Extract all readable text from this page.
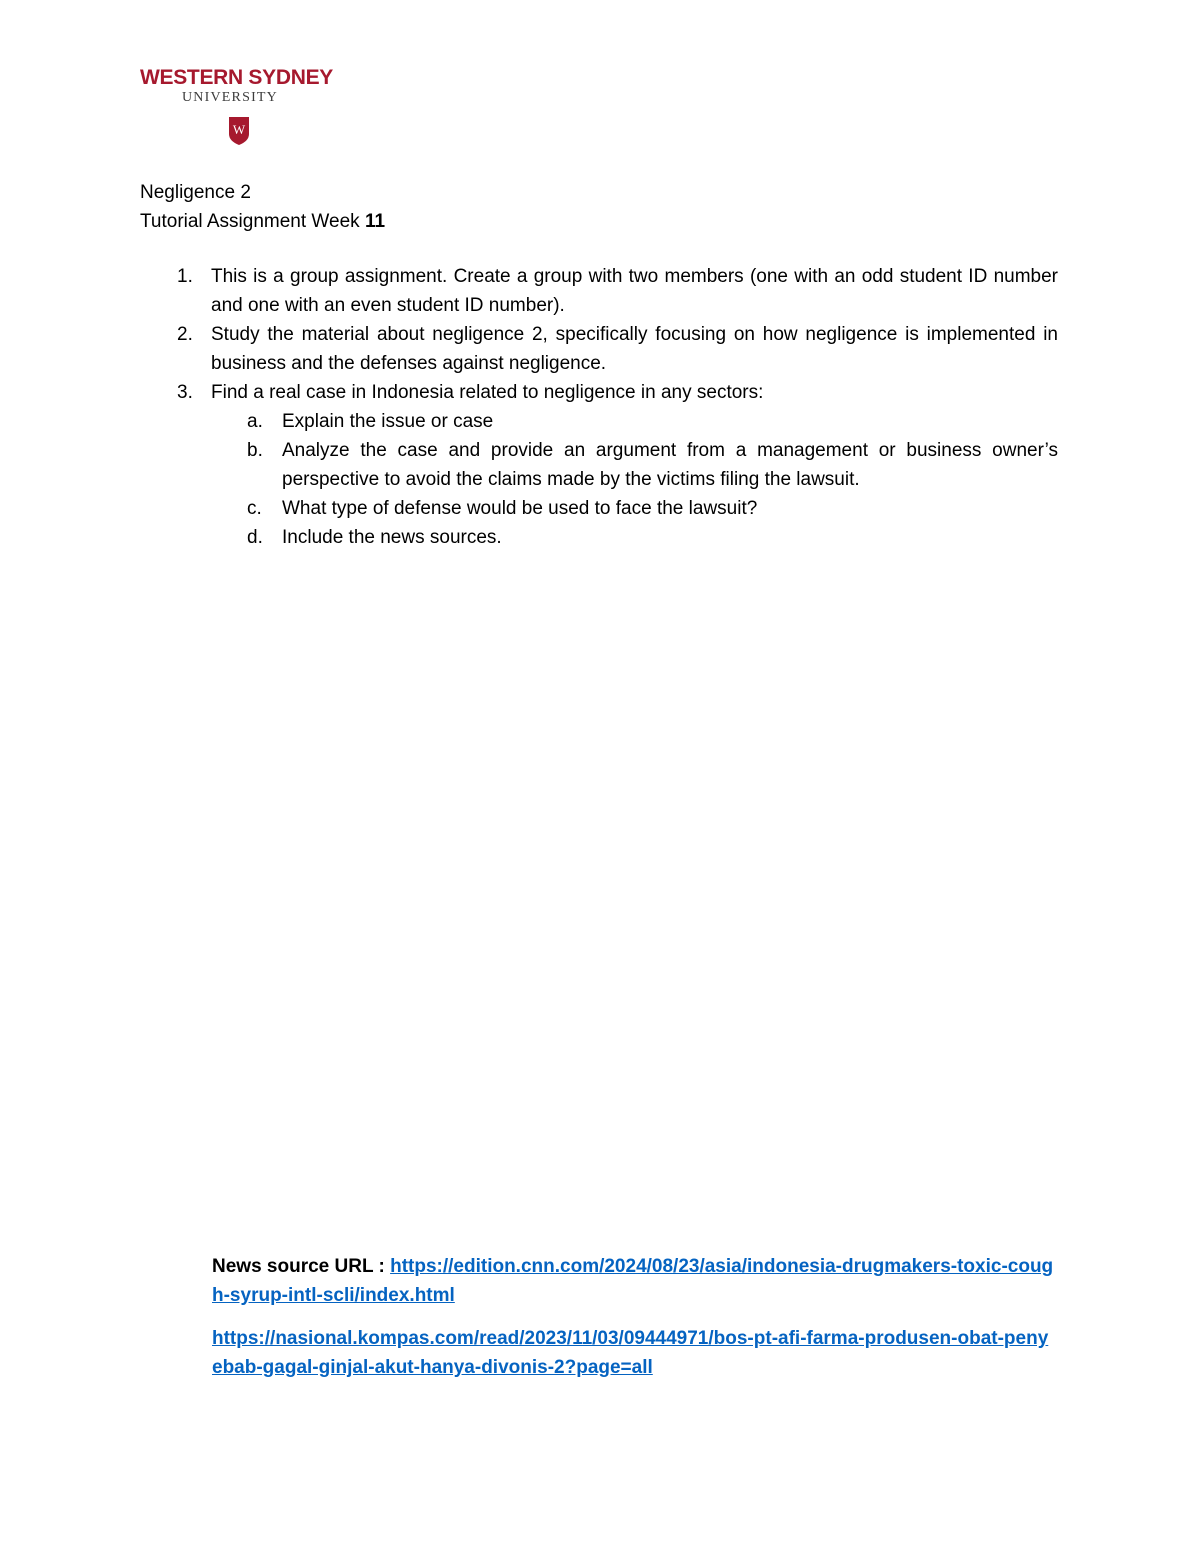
WESTERN SYDNEY
UNIVERSITY
W
Negligence 2
Tutorial Assignment Week 11
1. This is a group assignment. Create a group with two members (one with an odd student ID number and one with an even student ID number).
2. Study the material about negligence 2, specifically focusing on how negligence is implemented in business and the defenses against negligence.
3. Find a real case in Indonesia related to negligence in any sectors:
a. Explain the issue or case
b. Analyze the case and provide an argument from a management or business owner’s perspective to avoid the claims made by the victims filing the lawsuit.
c. What type of defense would be used to face the lawsuit?
d. Include the news sources.
News source URL : https://edition.cnn.com/2024/08/23/asia/indonesia-drugmakers-toxic-cough-syrup-intl-scli/index.html
https://nasional.kompas.com/read/2023/11/03/09444971/bos-pt-afi-farma-produsen-obat-penyebab-gagal-ginjal-akut-hanya-divonis-2?page=all
